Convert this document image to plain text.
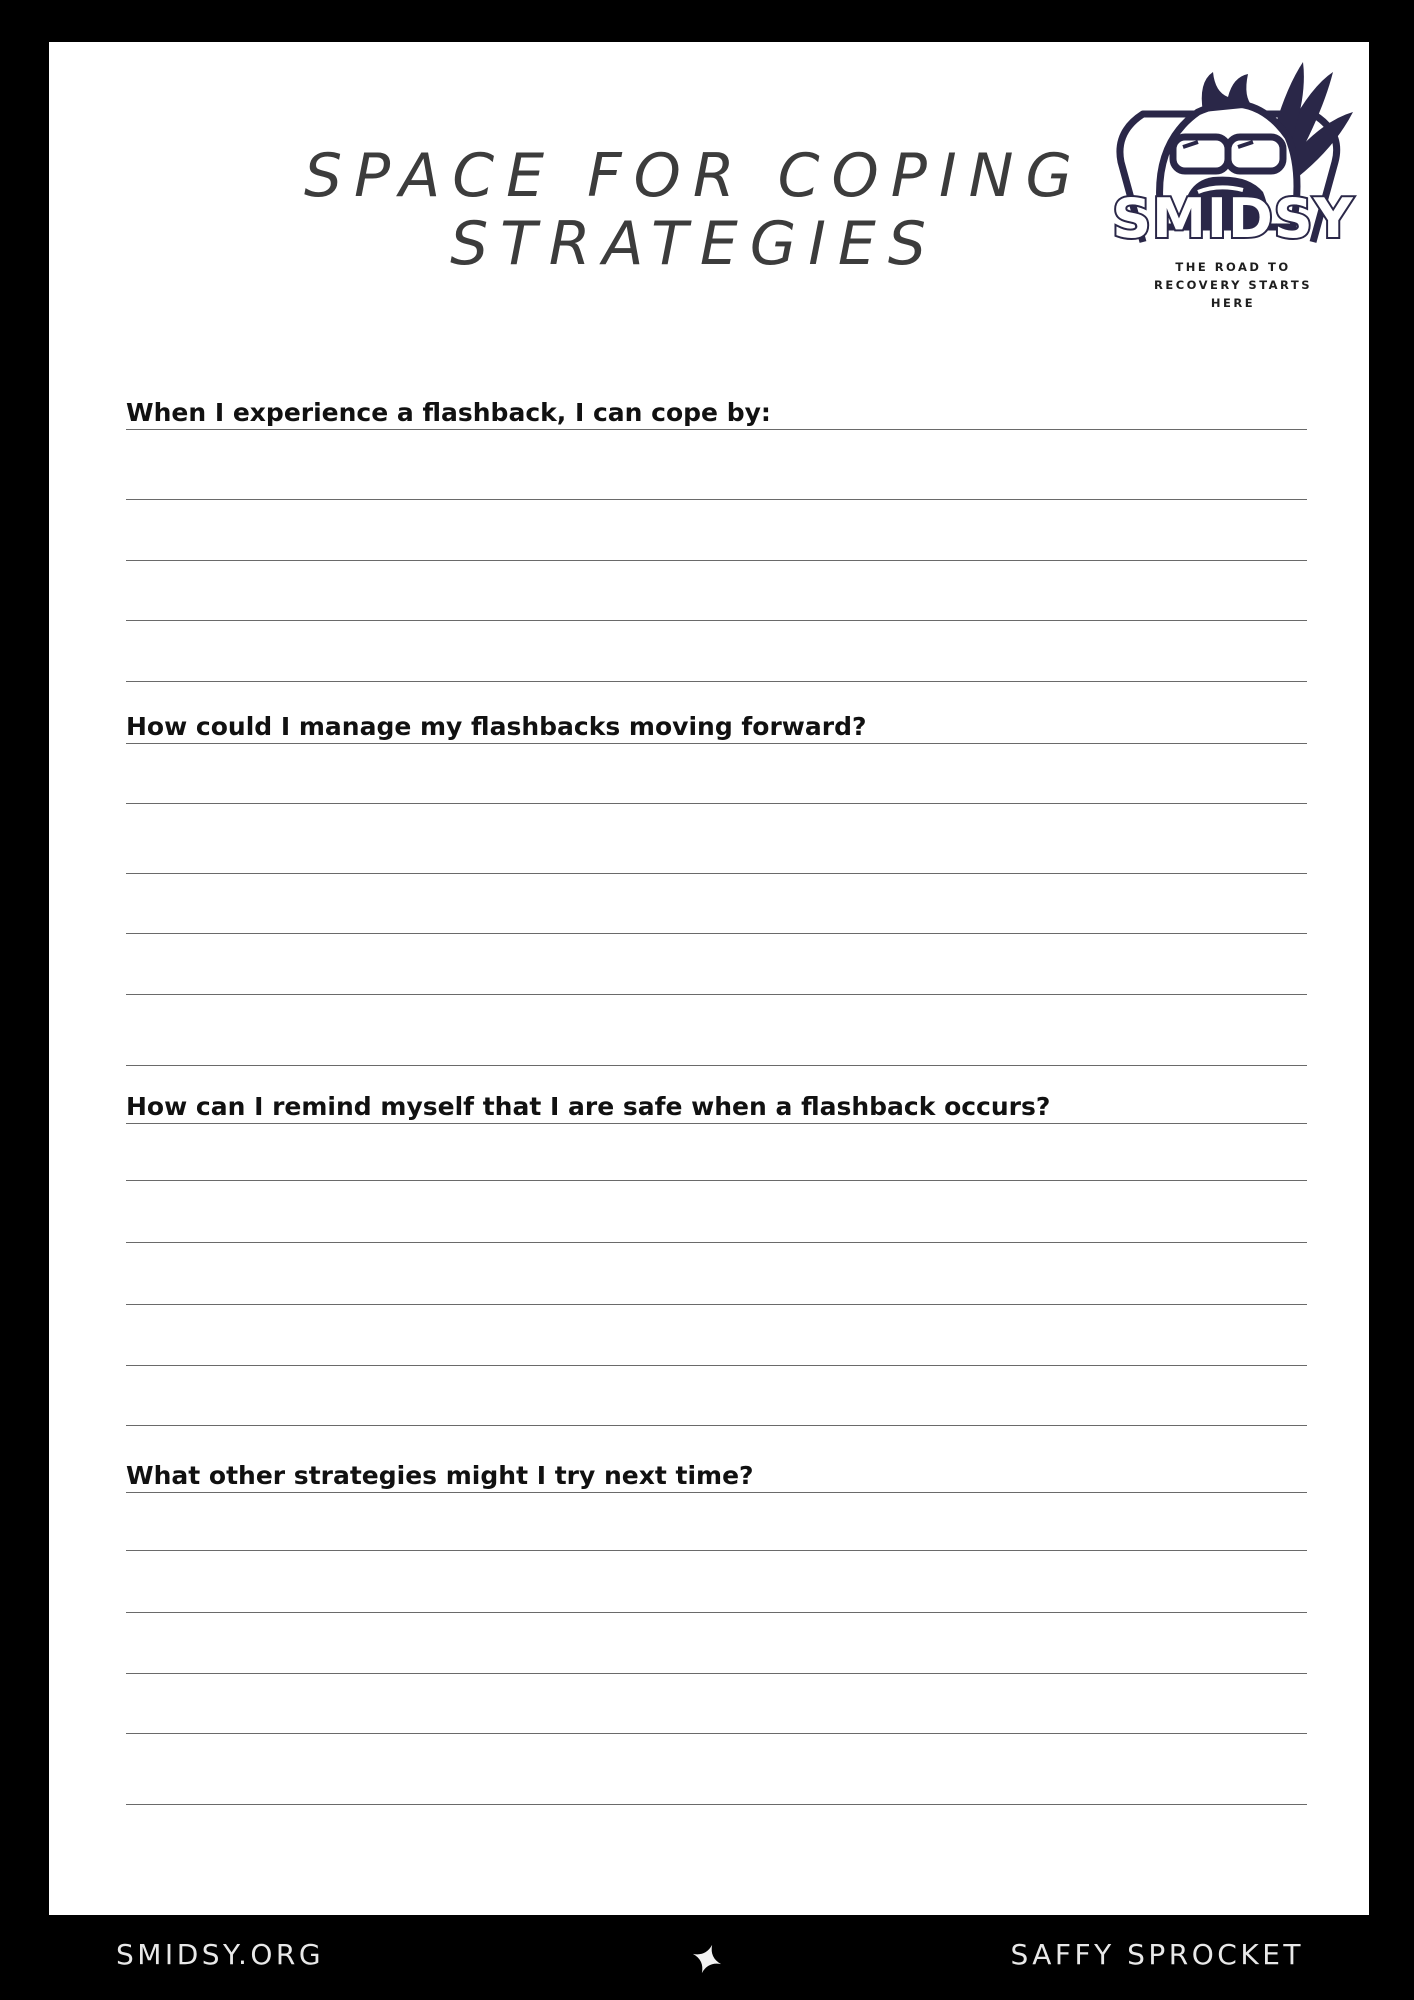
SPACE FOR COPING
STRATEGIES	SMIDSY
THE ROAD TO
RECOVERY STARTS
HERE
When I experience a flashback, I can cope by:
How could I manage my flashbacks moving forward?
How can I remind myself that I are safe when a flashback occurs?
What other strategies might I try next time?
SMIDSY.ORG	SAFFY SPROCKET
